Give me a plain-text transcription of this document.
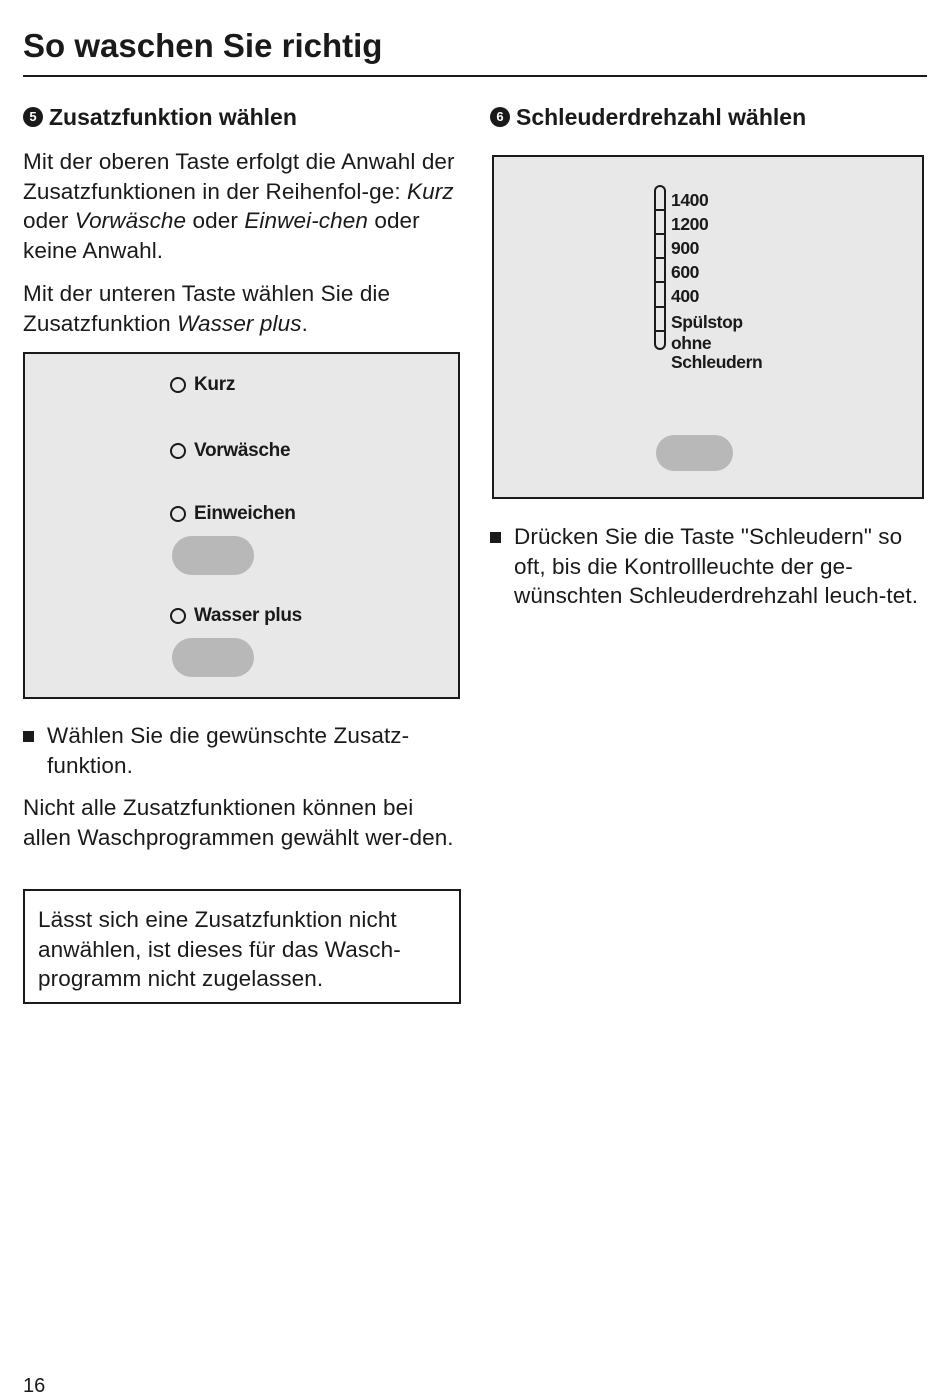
So waschen Sie richtig
5 Zusatzfunktion wählen

Mit der oberen Taste erfolgt die Anwahl der Zusatzfunktionen in der Reihenfol-ge: Kurz oder Vorwäsche oder Einwei-chen oder keine Anwahl.

Mit der unteren Taste wählen Sie die Zusatzfunktion Wasser plus.

Kurz
Vorwäsche
Einweichen
Wasser plus
Wählen Sie die gewünschte Zusatz-funktion.

Nicht alle Zusatzfunktionen können bei allen Waschprogrammen gewählt wer-den.

Lässt sich eine Zusatzfunktion nicht anwählen, ist dieses für das Wasch-programm nicht zugelassen.
6 Schleuderdrehzahl wählen
1400
1200
900
600
400
Spülstop
ohne
Schleudern
Drücken Sie die Taste "Schleudern" so oft, bis die Kontrollleuchte der ge-wünschten Schleuderdrehzahl leuch-tet.
16
